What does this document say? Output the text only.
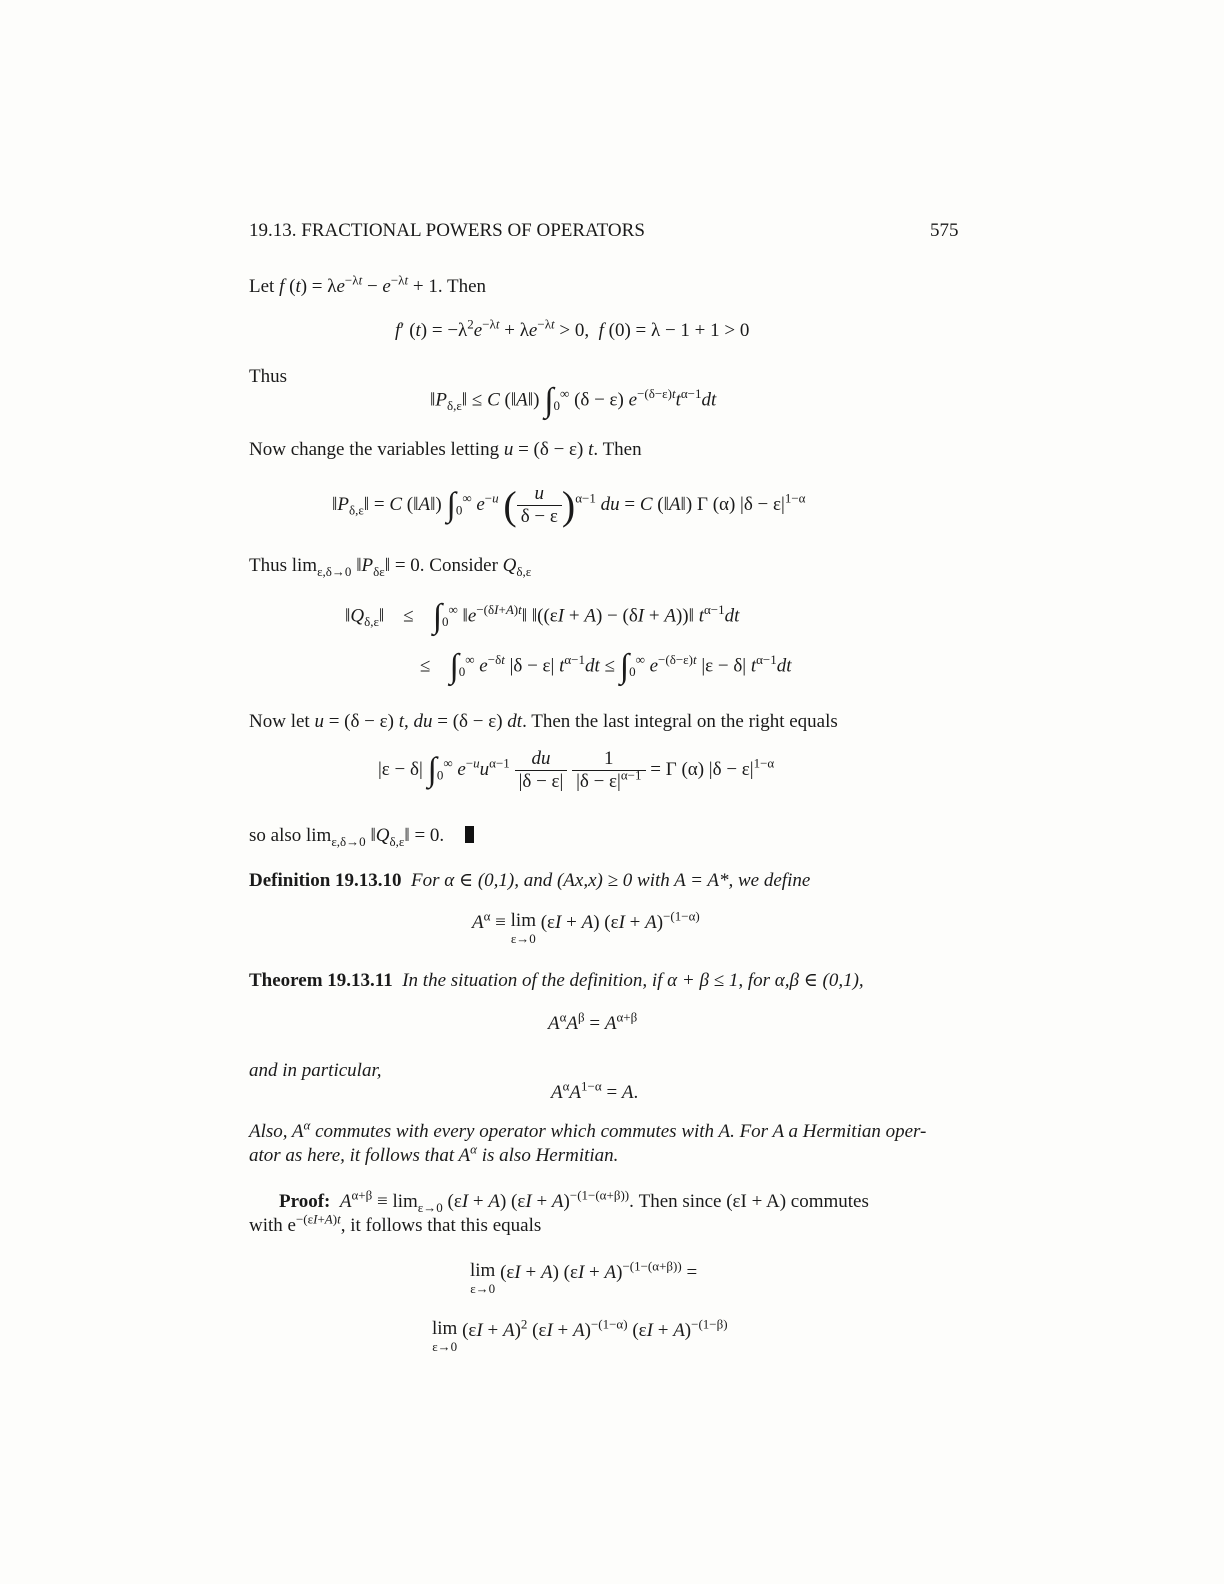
19.13. FRACTIONAL POWERS OF OPERATORS	575
Let f $(t) = \lambda e^{-\lambda t} - e^{-\lambda t} + 1$. Then
f′ $(t) = -\lambda^2e^{-\lambda t} + \lambda e^{-\lambda t} > 0$,  f (0) = λ − 1 + 1 > 0
Thus
$‖P_{\delta,\varepsilon}‖ \le C$ (‖A‖) $\int_0^\infty$ (δ − ε) $e^{-(\delta-\varepsilon)t}t^{\alpha-1}dt$
Now change the variables letting u = (δ − ε) t. Then
$‖P_{\delta,\varepsilon}‖ = C$ (‖A‖) $\int_0^\infty$ $e^{-u}$ ( $\frac{u}{\delta - \varepsilon} )^{\alpha-1}$ du = C (‖A‖) Γ (α) $|\delta - \varepsilon|^{1-\alpha}$
Thus $\lim_{\varepsilon,\delta\to 0}$ $‖P_{\delta\varepsilon}‖ = 0$. Consider $Q_{\delta,\varepsilon}$
$‖Q_{\delta,\varepsilon}‖$    ≤    $\int_0^\infty$ $‖e^{-(\delta I+A)t}‖$ ‖((εI + A) − (δI + A))‖ $t^{\alpha-1}dt$
≤    $\int_0^\infty$ $e^{-\delta t}$ |δ − ε| $t^{\alpha-1}dt \le \int_0^\infty$ $e^{-(\delta-\varepsilon)t}$ |ε − δ| $t^{\alpha-1}dt$
Now let u = (δ − ε) t, du = (δ − ε) dt. Then the last integral on the right equals
|ε − δ| $\int_0^\infty$ $e^{-u}u^{\alpha-1} \frac{du}{|\delta - \varepsilon|}$
$\frac{1}{|\delta - \varepsilon|^{\alpha-1}} = \Gamma$ (α) $|\delta - \varepsilon|^{1-\alpha}$
so also $\lim_{\varepsilon,\delta\to 0}$ $‖Q_{\delta,\varepsilon}‖ = 0$.
Definition 19.13.10 For α ∈ (0,1), and (Ax,x) ≥ 0 with A = A*, we define
$A^\alpha \equiv \lim$
ε→0
(εI + A) $(\varepsilon I + A)^{-(1-\alpha)}$
Theorem 19.13.11 In the situation of the definition, if α + β ≤ 1, for α,β ∈ (0,1),
$A^\alpha A^\beta = A^{\alpha+\beta}$
and in particular,
$A^\alpha A^{1-\alpha} = A$.
Also, $A^\alpha$ commutes with every operator which commutes with A. For A a Hermitian oper-
ator as here, it follows that $A^\alpha$ is also Hermitian.
Proof: $A^{\alpha+\beta} \equiv \lim_{\varepsilon\to 0} (\varepsilon I + A) (\varepsilon I + A)^{-(1-(\alpha+\beta))}$. Then since (εI + A) commutes
with $e^{-(\varepsilon I+A)t}$, it follows that this equals
lim
ε→0
(εI + A) $(\varepsilon I + A)^{-(1-(\alpha+\beta))}$ =
lim
ε→0
$(\varepsilon I + A)^2$ $(\varepsilon I + A)^{-(1-\alpha)}$ $(\varepsilon I + A)^{-(1-\beta)}$
